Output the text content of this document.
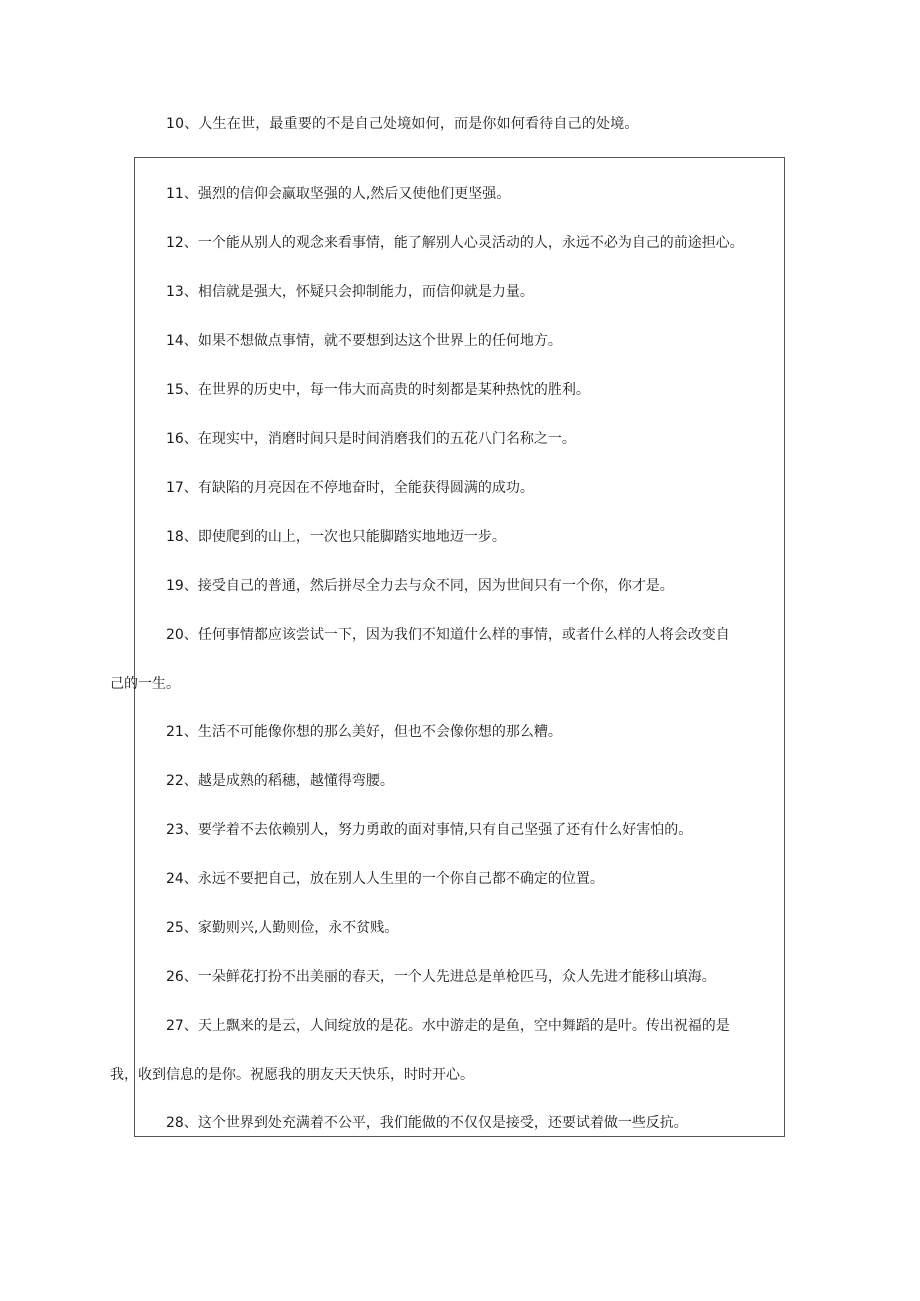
10、人生在世，最重要的不是自己处境如何，而是你如何看待自己的处境。
11、强烈的信仰会赢取坚强的人,然后又使他们更坚强。
12、一个能从别人的观念来看事情，能了解别人心灵活动的人，永远不必为自己的前途担心。
13、相信就是强大，怀疑只会抑制能力，而信仰就是力量。
14、如果不想做点事情，就不要想到达这个世界上的任何地方。
15、在世界的历史中，每一伟大而高贵的时刻都是某种热忱的胜利。
16、在现实中，消磨时间只是时间消磨我们的五花八门名称之一。
17、有缺陷的月亮因在不停地奋时，全能获得圆满的成功。
18、即使爬到的山上，一次也只能脚踏实地地迈一步。
19、接受自己的普通，然后拼尽全力去与众不同，因为世间只有一个你，你才是。
20、任何事情都应该尝试一下，因为我们不知道什么样的事情，或者什么样的人将会改变自
己的一生。
21、生活不可能像你想的那么美好，但也不会像你想的那么糟。
22、越是成熟的稻穗，越懂得弯腰。
23、要学着不去依赖别人，努力勇敢的面对事情,只有自己坚强了还有什么好害怕的。
24、永远不要把自己，放在别人人生里的一个你自己都不确定的位置。
25、家勤则兴,人勤则俭，永不贫贱。
26、一朵鲜花打扮不出美丽的春天，一个人先进总是单枪匹马，众人先进才能移山填海。
27、天上飘来的是云，人间绽放的是花。水中游走的是鱼，空中舞蹈的是叶。传出祝福的是
我，收到信息的是你。祝愿我的朋友天天快乐，时时开心。
28、这个世界到处充满着不公平，我们能做的不仅仅是接受，还要试着做一些反抗。
